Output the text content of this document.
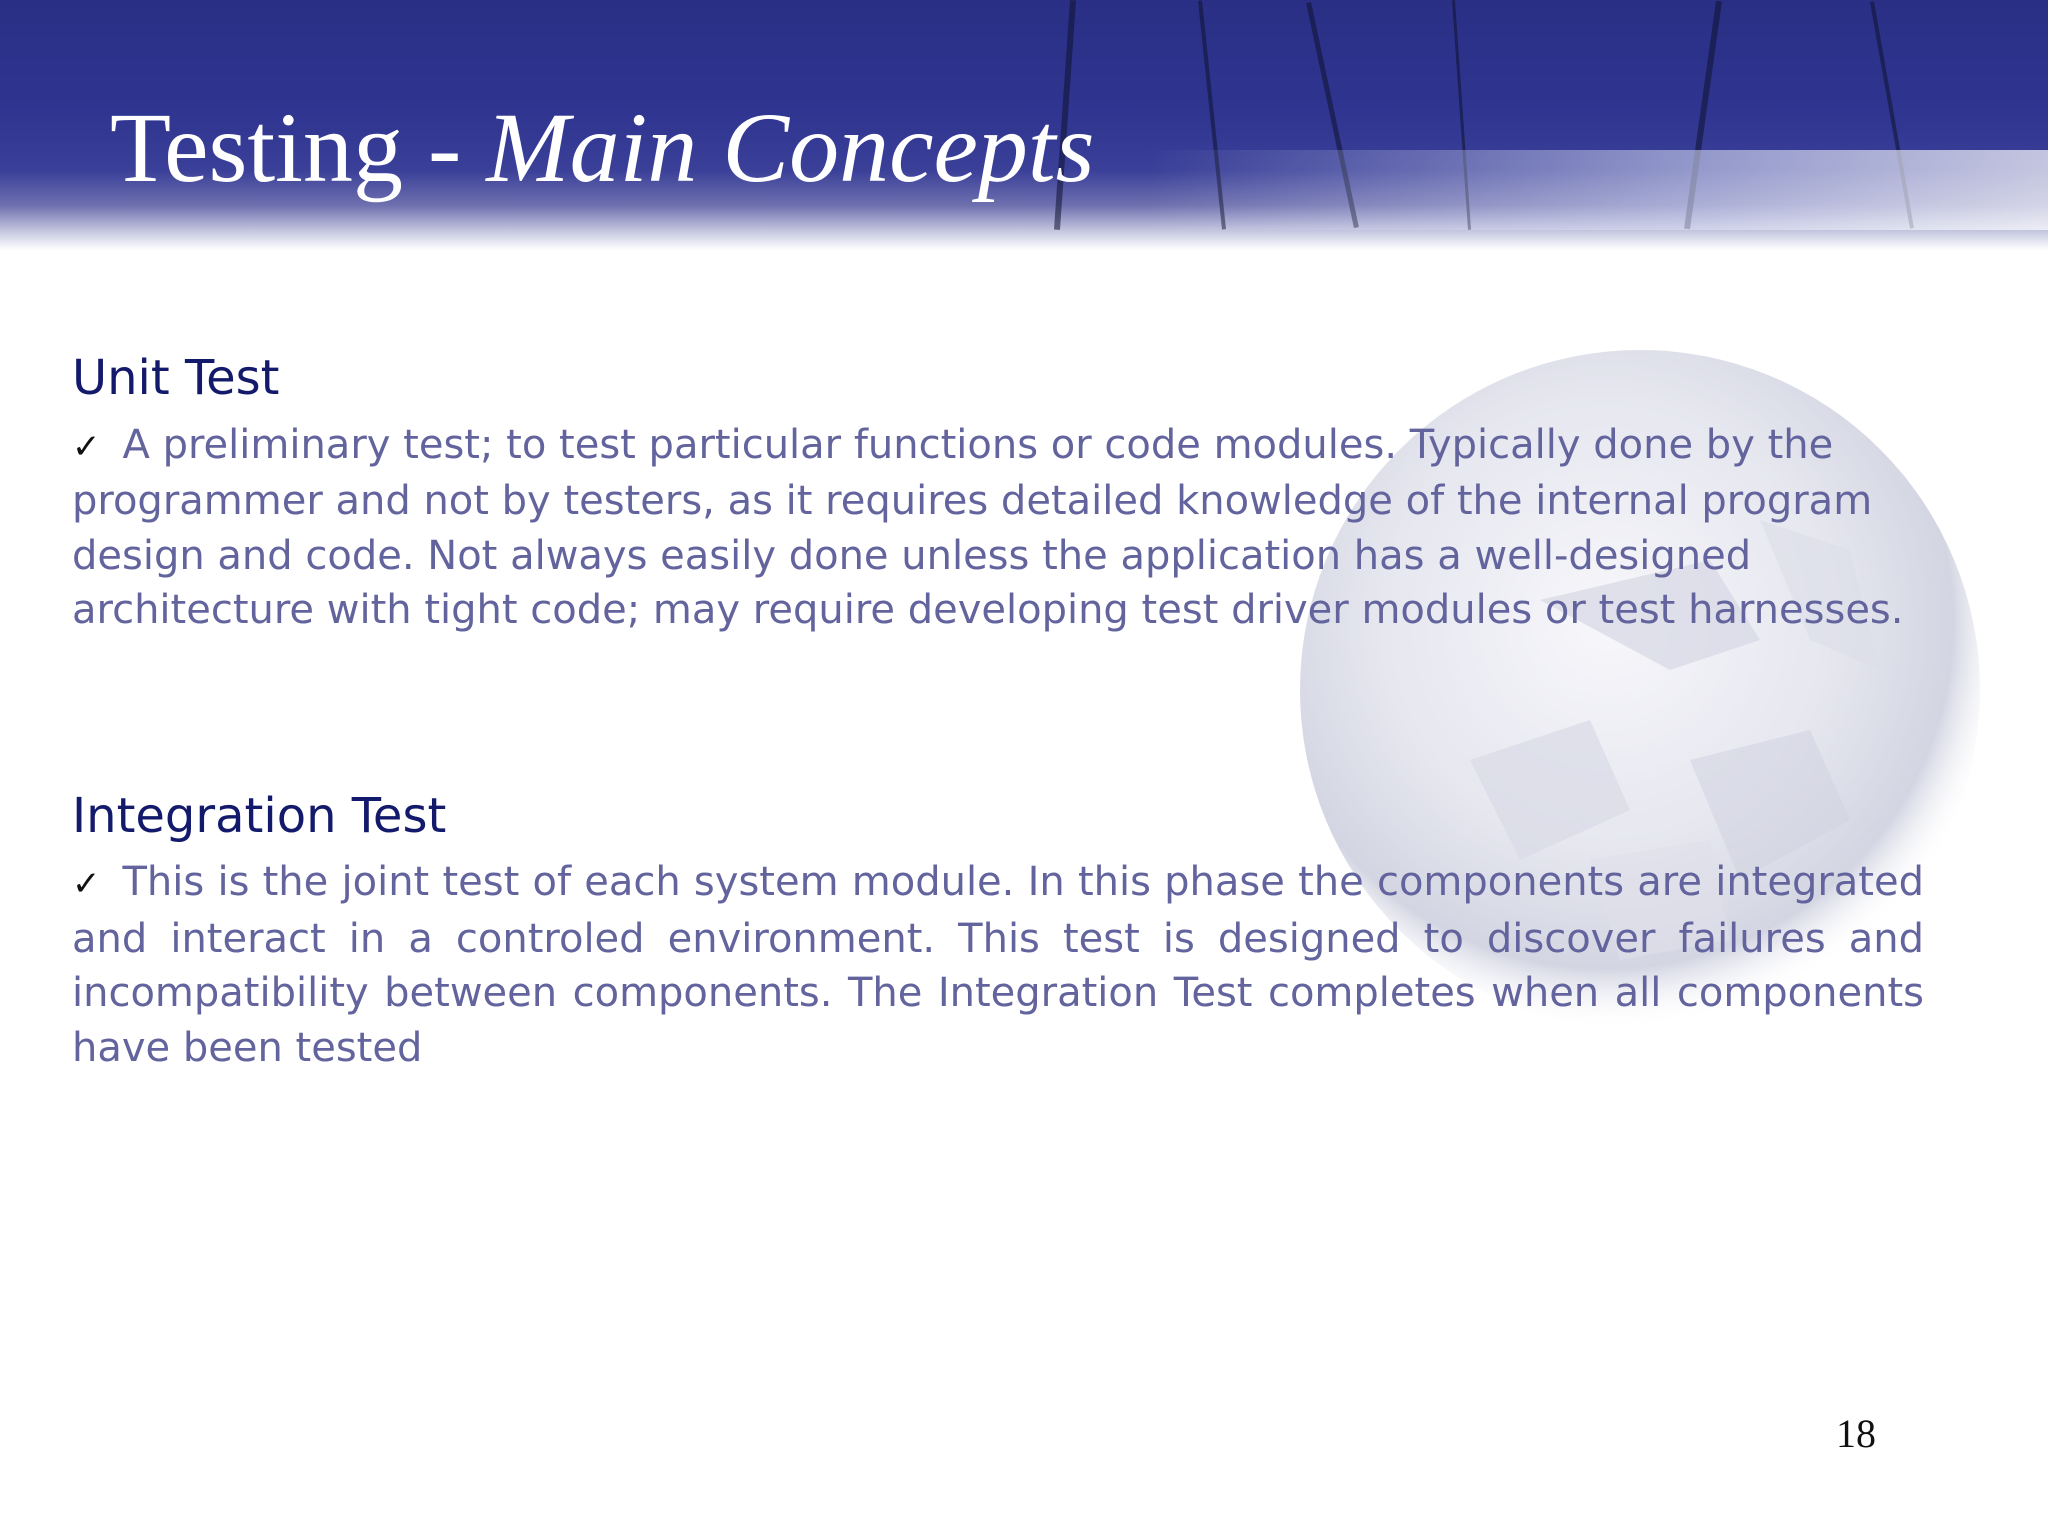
Testing - Main Concepts
Unit Test

✓ A preliminary test; to test particular functions or code modules. Typically done by the programmer and not by testers, as it requires detailed knowledge of the internal program design and code. Not always easily done unless the application has a well-designed architecture with tight code; may require developing test driver modules or test harnesses.

Integration Test

✓ This is the joint test of each system module. In this phase the components are integrated and interact in a controled environment. This test is designed to discover failures and incompatibility between components. The Integration Test completes when all components have been tested

18
